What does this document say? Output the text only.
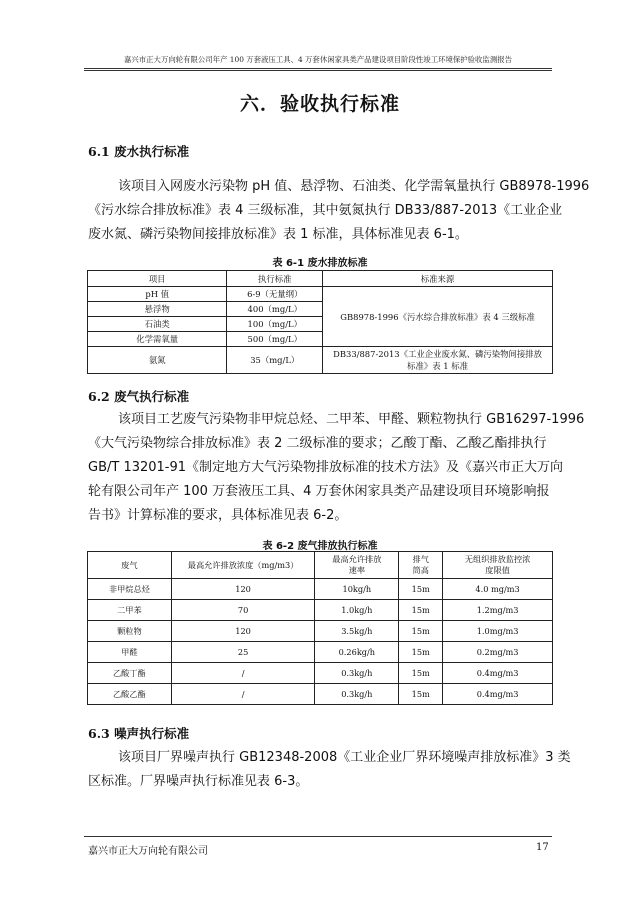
嘉兴市正大万向轮有限公司年产 100 万套液压工具、4 万套休闲家具类产品建设项目阶段性竣工环境保护验收监测报告
六．验收执行标准
6.1 废水执行标准
该项目入网废水污染物 pH 值、悬浮物、石油类、化学需氧量执行 GB8978-1996
《污水综合排放标准》表 4 三级标准，其中氨氮执行 DB33/887-2013《工业企业
废水氮、磷污染物间接排放标准》表 1 标准，具体标准见表 6-1。
表 6-1 废水排放标准
项目	执行标准	标准来源
pH 值	6-9（无量纲）	GB8978-1996《污水综合排放标准》表 4 三级标准
悬浮物	400（mg/L）	
石油类	100（mg/L）	
化学需氧量	500（mg/L）	
氨氮	35（mg/L）	DB33/887-2013《工业企业废水氮、磷污染物间接排放标准》表 1 标准
6.2 废气执行标准
该项目工艺废气污染物非甲烷总烃、二甲苯、甲醛、颗粒物执行 GB16297-1996
《大气污染物综合排放标准》表 2 二级标准的要求；乙酸丁酯、乙酸乙酯排执行
GB/T 13201-91《制定地方大气污染物排放标准的技术方法》及《嘉兴市正大万向
轮有限公司年产 100 万套液压工具、4 万套休闲家具类产品建设项目环境影响报
告书》计算标准的要求，具体标准见表 6-2。
表 6-2 废气排放执行标准
废气	最高允许排放浓度（mg/m3）	最高允许排放速率	排气筒高	无组织排放监控浓度限值
非甲烷总烃	120	10kg/h	15m	4.0 mg/m3
二甲苯	70	1.0kg/h	15m	1.2mg/m3
颗粒物	120	3.5kg/h	15m	1.0mg/m3
甲醛	25	0.26kg/h	15m	0.2mg/m3
乙酸丁酯	/	0.3kg/h	15m	0.4mg/m3
乙酸乙酯	/	0.3kg/h	15m	0.4mg/m3
6.3 噪声执行标准
该项目厂界噪声执行 GB12348-2008《工业企业厂界环境噪声排放标准》3 类
区标准。厂界噪声执行标准见表 6-3。
嘉兴市正大万向轮有限公司	17
